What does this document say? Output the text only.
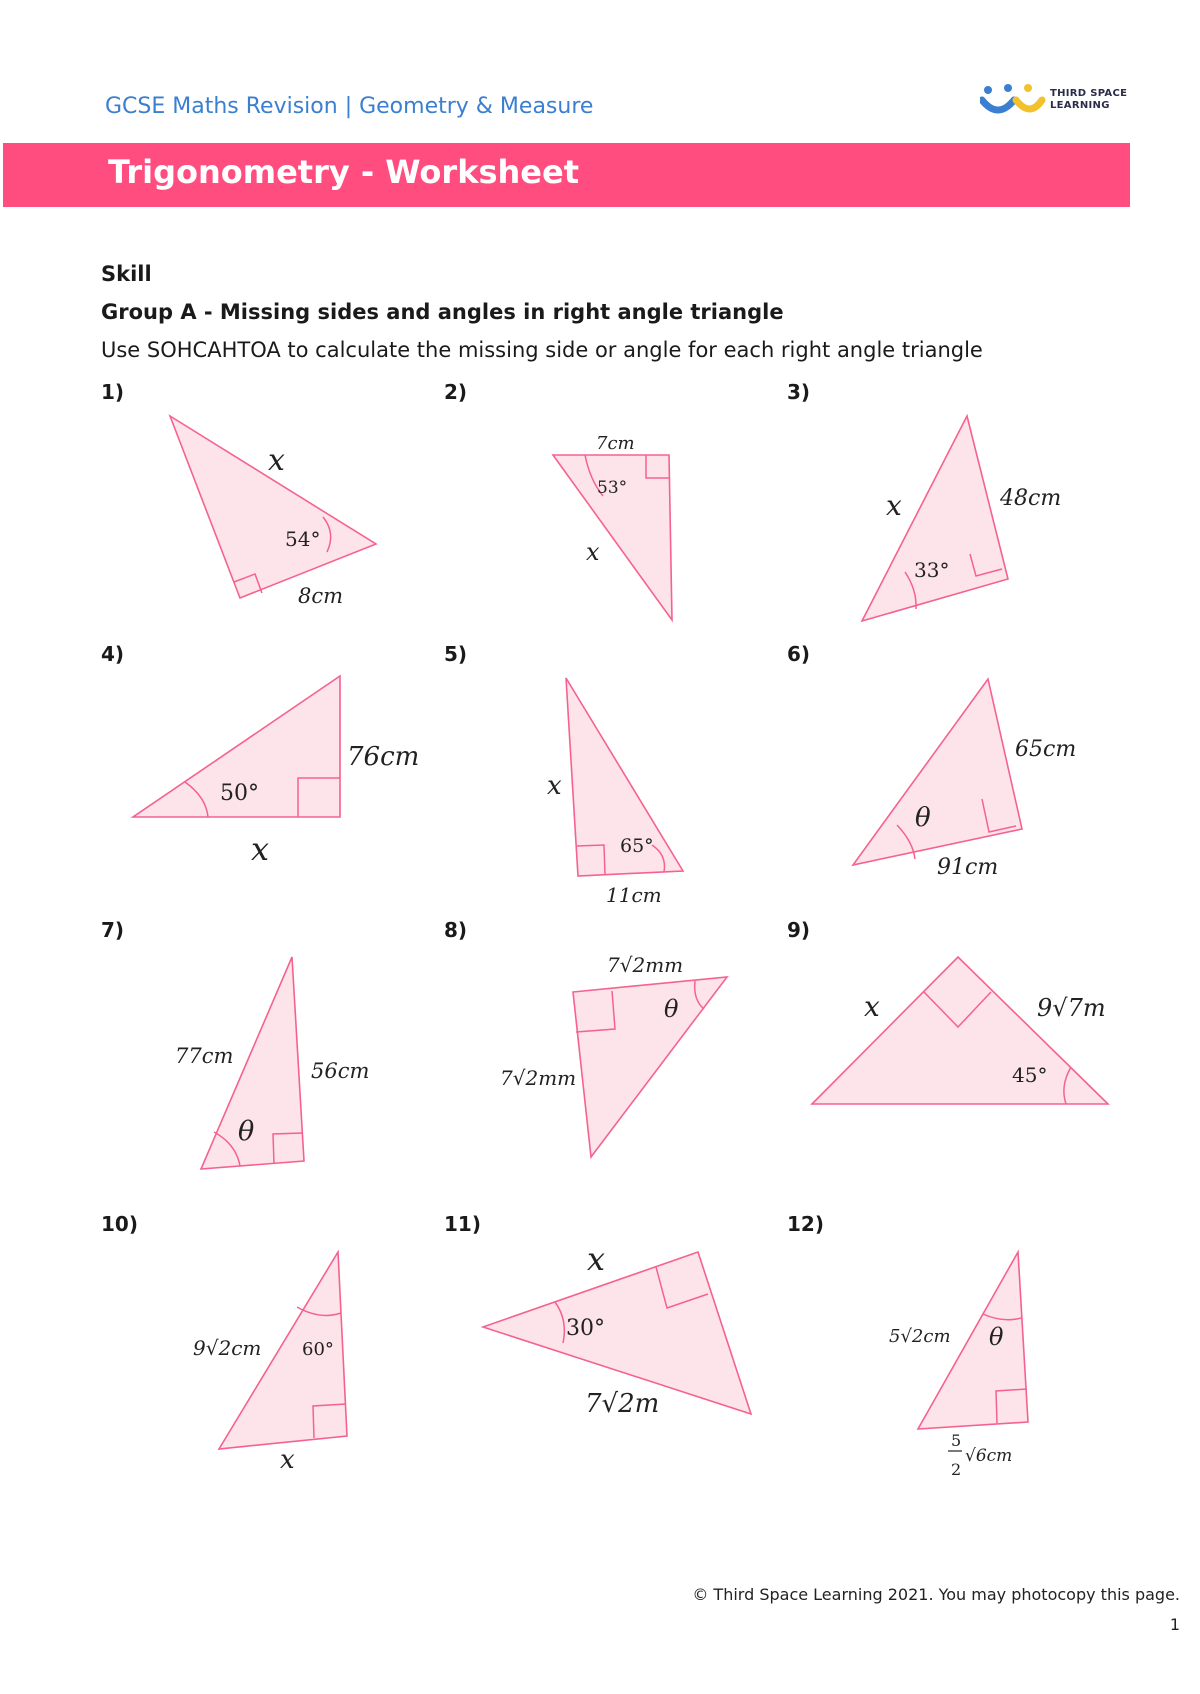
GCSE Maths Revision | Geometry & Measure
THIRD SPACE
LEARNING
Trigonometry - Worksheet
Skill
Group A - Missing sides and angles in right angle triangle
Use SOHCAHTOA to calculate the missing side or angle for each right angle triangle
1)	2)	3)
4)	5)	6)
7)	8)	9)
10)	11)	12)
x
54°
8cm
7cm
53°
x
x	48cm
33°
76cm
50°
x
x
65°
11cm
65cm
θ
91cm
77cm
56cm
θ
7√2mm
θ
7√2mm
x	9√7m
45°
9√2cm 60°
x
x
30°
7√2m
5√2cm θ
5
2
√6cm
© Third Space Learning 2021. You may photocopy this page.
1
